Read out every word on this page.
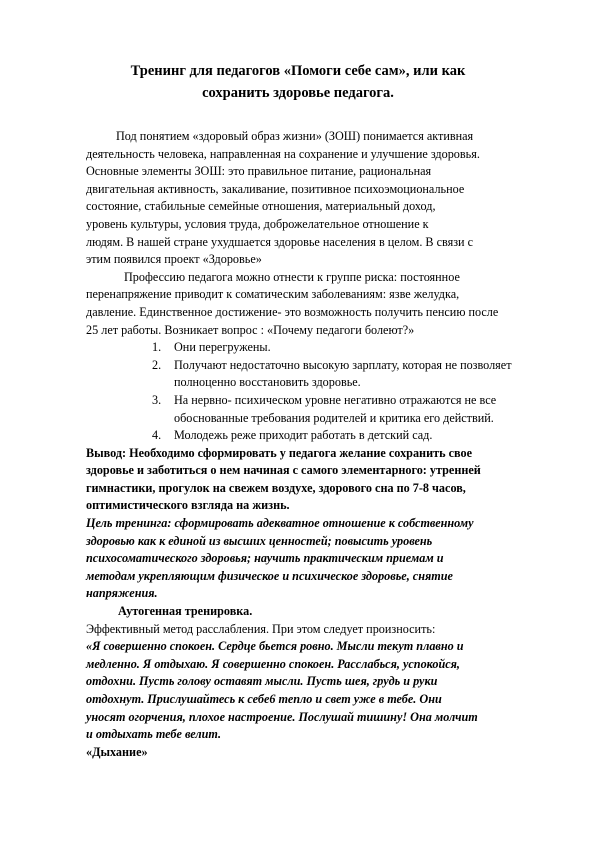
Тренинг для педагогов «Помоги себе сам», или как
сохранить здоровье педагога.
Под понятием «здоровый образ жизни» (ЗОШ) понимается активная
деятельность человека, направленная на сохранение и улучшение здоровья.
Основные элементы ЗОШ: это правильное питание, рациональная
двигательная активность, закаливание, позитивное психоэмоциональное
состояние, стабильные семейные отношения, материальный доход,
уровень культуры, условия труда, доброжелательное отношение к
людям. В нашей стране ухудшается здоровье населения в целом. В связи с
этим появился проект «Здоровье»
Профессию педагога можно отнести к группе риска: постоянное
перенапряжение приводит к соматическим заболеваниям: язве желудка,
давление. Единственное достижение- это возможность получить пенсию после
25 лет работы. Возникает вопрос : «Почему педагоги болеют?»
1. Они перегружены.
2. Получают недостаточно высокую зарплату, которая не позволяет
полноценно восстановить здоровье.
3. На нервно- психическом уровне негативно отражаются не все
обоснованные требования родителей и критика его действий.
4. Молодежь реже приходит работать в детский сад.
Вывод: Необходимо сформировать у педагога желание сохранить свое
здоровье и заботиться о нем начиная с самого элементарного: утренней
гимнастики, прогулок на свежем воздухе, здорового сна по 7-8 часов,
оптимистического взгляда на жизнь.
Цель тренинга: сформировать адекватное отношение к собственному
здоровью как к единой из высших ценностей; повысить уровень
психосоматического здоровья; научить практическим приемам и
методам укрепляющим физическое и психическое здоровье, снятие
напряжения.
Аутогенная тренировка.
Эффективный метод расслабления. При этом следует произносить:
«Я совершенно спокоен. Сердце бьется ровно. Мысли текут плавно и
медленно. Я отдыхаю. Я совершенно спокоен. Расслабься, успокойся,
отдохни. Пусть голову оставят мысли. Пусть шея, грудь и руки
отдохнут. Прислушайтесь к себе6 тепло и свет уже в тебе. Они
уносят огорчения, плохое настроение. Послушай тишину! Она молчит
и отдыхать тебе велит.
«Дыхание»
